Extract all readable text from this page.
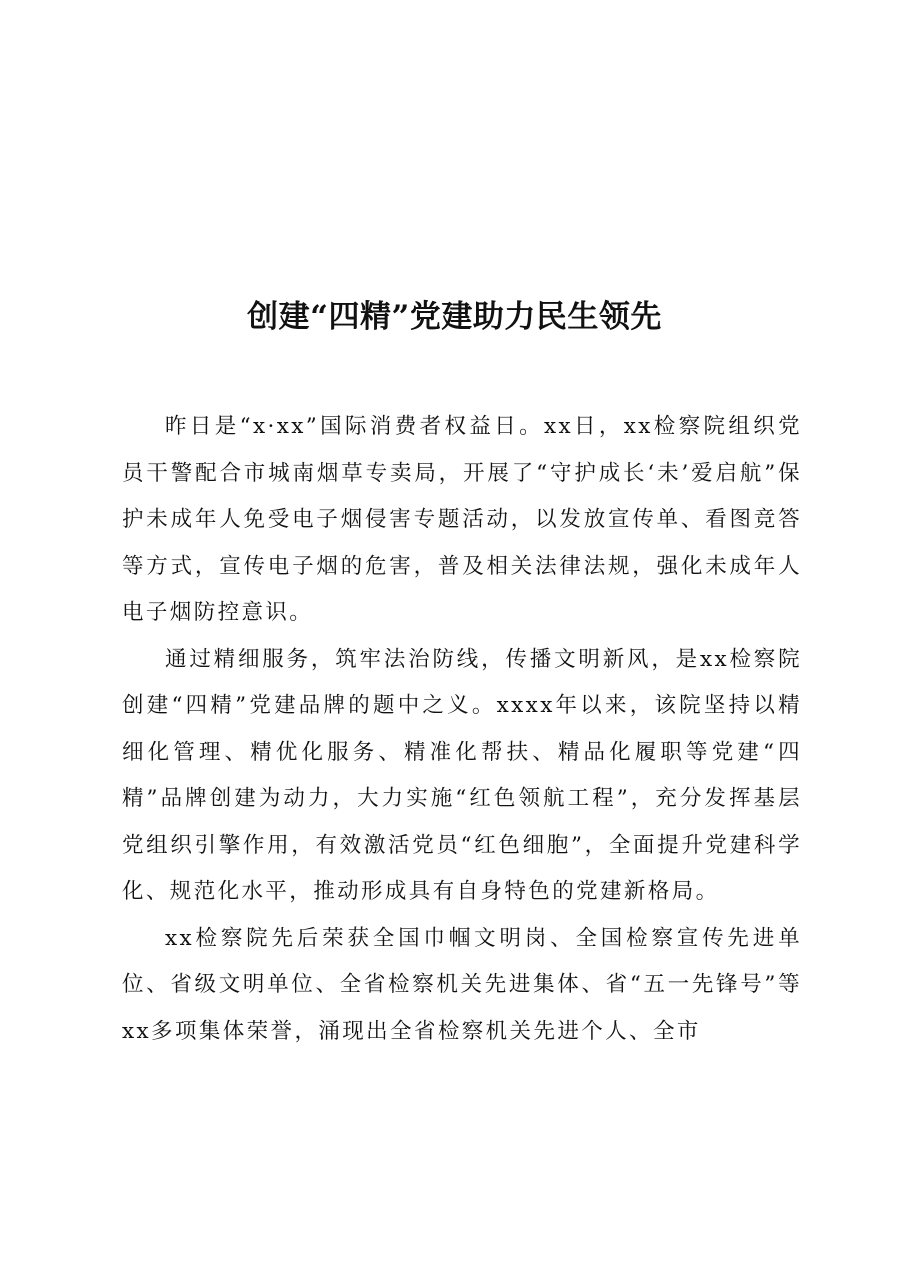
创建“四精”党建助力民生领先

昨日是“x·xx”国际消费者权益日。xx日，xx检察院组织党员干警配合市城南烟草专卖局，开展了“守护成长‘未’爱启航”保护未成年人免受电子烟侵害专题活动，以发放宣传单、看图竞答等方式，宣传电子烟的危害，普及相关法律法规，强化未成年人电子烟防控意识。

通过精细服务，筑牢法治防线，传播文明新风，是xx检察院创建“四精”党建品牌的题中之义。xxxx年以来，该院坚持以精细化管理、精优化服务、精准化帮扶、精品化履职等党建“四精”品牌创建为动力，大力实施“红色领航工程”，充分发挥基层党组织引擎作用，有效激活党员“红色细胞”，全面提升党建科学化、规范化水平，推动形成具有自身特色的党建新格局。

xx检察院先后荣获全国巾帼文明岗、全国检察宣传先进单位、省级文明单位、全省检察机关先进集体、省“五一先锋号”等xx多项集体荣誉，涌现出全省检察机关先进个人、全市
